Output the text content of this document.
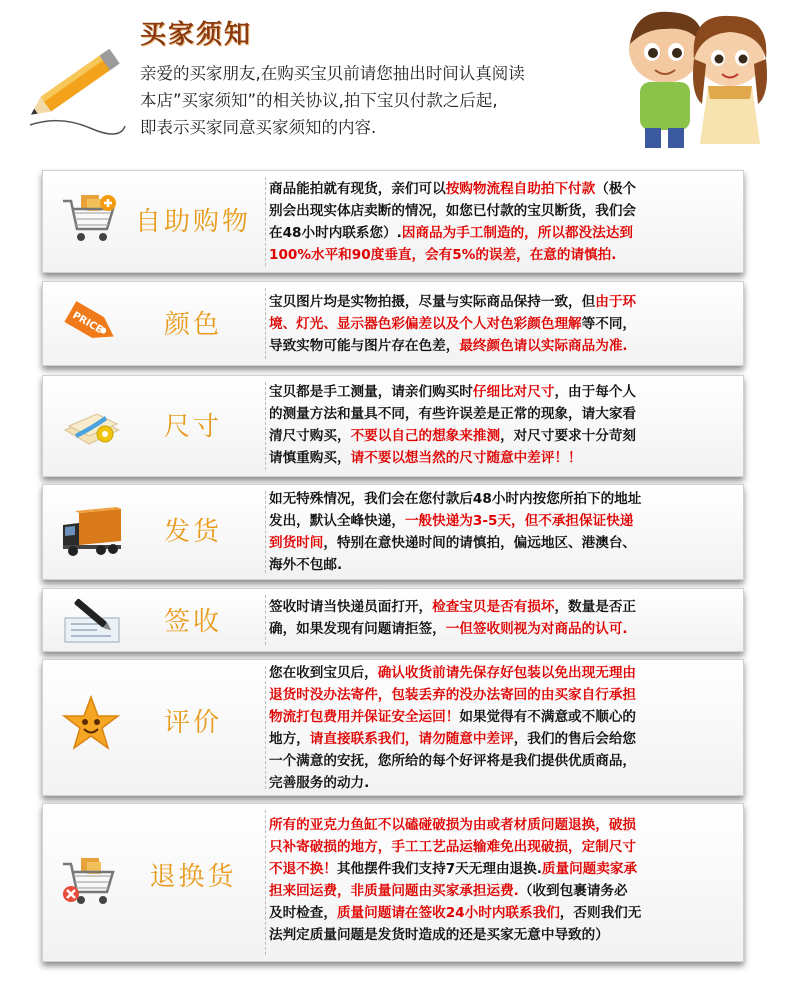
买家须知
亲爱的买家朋友,在购买宝贝前请您抽出时间认真阅读
本店”买家须知”的相关协议,拍下宝贝付款之后起,
即表示买家同意买家须知的内容.
自助购物
商品能拍就有现货，亲们可以按购物流程自助拍下付款（极个
别会出现实体店卖断的情况，如您已付款的宝贝断货，我们会
在48小时内联系您）.因商品为手工制造的，所以都没法达到
100%水平和90度垂直，会有5%的误差，在意的请慎拍.
PRICE	颜色
宝贝图片均是实物拍摄，尽量与实际商品保持一致，但由于环
境、灯光、显示器色彩偏差以及个人对色彩颜色理解等不同，
导致实物可能与图片存在色差，最终颜色请以实际商品为准.
尺寸
宝贝都是手工测量，请亲们购买时仔细比对尺寸，由于每个人
的测量方法和量具不同，有些许误差是正常的现象，请大家看
清尺寸购买，不要以自己的想象来推测，对尺寸要求十分苛刻
请慎重购买，请不要以想当然的尺寸随意中差评！！
发货
如无特殊情况，我们会在您付款后48小时内按您所拍下的地址
发出，默认全峰快递，一般快递为3-5天，但不承担保证快递
到货时间，特别在意快递时间的请慎拍，偏远地区、港澳台、
海外不包邮.
签收	签收时请当快递员面打开，检查宝贝是否有损坏，数量是否正
确，如果发现有问题请拒签，一但签收则视为对商品的认可.
评价
您在收到宝贝后，确认收货前请先保存好包装以免出现无理由
退货时没办法寄件，包装丢弃的没办法寄回的由买家自行承担
物流打包费用并保证安全运回！如果觉得有不满意或不顺心的
地方，请直接联系我们，请勿随意中差评，我们的售后会给您
一个满意的安抚，您所给的每个好评将是我们提供优质商品，
完善服务的动力.
退换货
所有的亚克力鱼缸不以磕碰破损为由或者材质问题退换，破损
只补寄破损的地方，手工工艺品运输难免出现破损，定制尺寸
不退不换！其他摆件我们支持7天无理由退换.质量问题卖家承
担来回运费，非质量问题由买家承担运费.（收到包裹请务必
及时检查，质量问题请在签收24小时内联系我们，否则我们无
法判定质量问题是发货时造成的还是买家无意中导致的）
